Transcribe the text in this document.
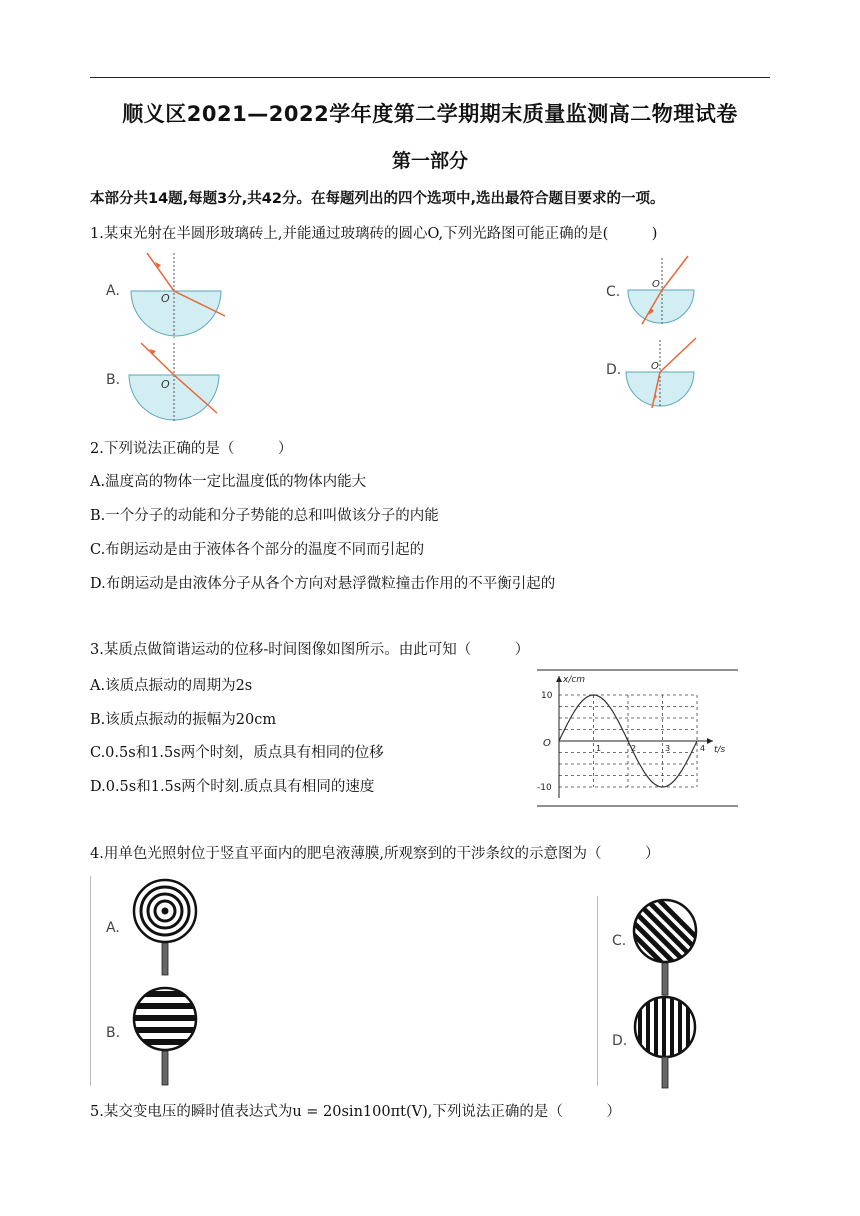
顺义区2021—2022学年度第二学期期末质量监测高二物理试卷
第一部分
本部分共14题,每题3分,共42分。在每题列出的四个选项中,选出最符合题目要求的一项。
1.某束光射在半圆形玻璃砖上,并能通过玻璃砖的圆心O,下列光路图可能正确的是(　　　)
A.	O
B.	O
C.	O
D.	O
2.下列说法正确的是（　　　）
A.温度高的物体一定比温度低的物体内能大
B.一个分子的动能和分子势能的总和叫做该分子的内能
C.布朗运动是由于液体各个部分的温度不同而引起的
D.布朗运动是由液体分子从各个方向对悬浮微粒撞击作用的不平衡引起的
3.某质点做简谐运动的位移-时间图像如图所示。由此可知（　　　）
A.该质点振动的周期为2s
B.该质点振动的振幅为20cm
C.0.5s和1.5s两个时刻，质点具有相同的位移
D.0.5s和1.5s两个时刻.质点具有相同的速度
x/cm
t/s
O
10
-10
1	2	3	4
4.用单色光照射位于竖直平面内的肥皂液薄膜,所观察到的干涉条纹的示意图为（　　　）
A.
B.
C.
D.
5.某交变电压的瞬时值表达式为u = 20sin100πt(V),下列说法正确的是（　　　）
